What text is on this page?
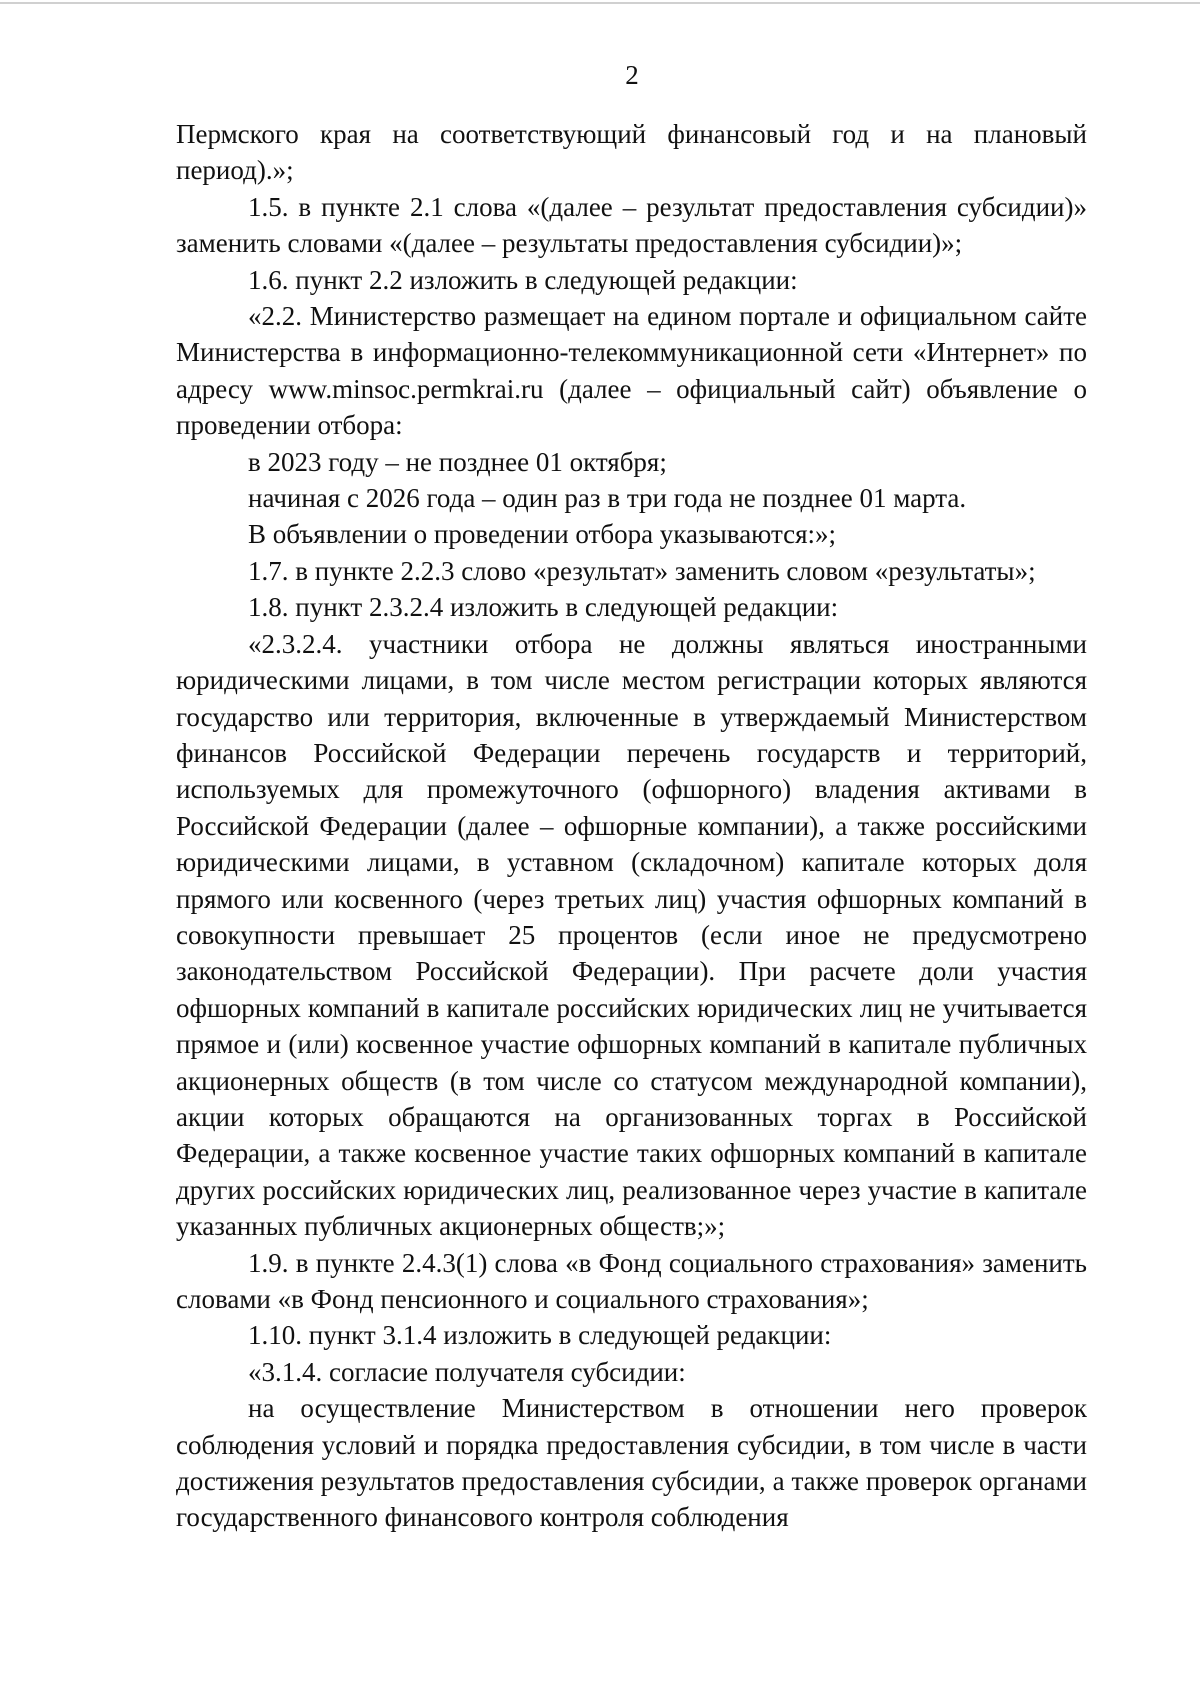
2

Пермского края на соответствующий финансовый год и на плановый период).»;

1.5. в пункте 2.1 слова «(далее – результат предоставления субсидии)» заменить словами «(далее – результаты предоставления субсидии)»;

1.6. пункт 2.2 изложить в следующей редакции:

«2.2. Министерство размещает на едином портале и официальном сайте Министерства в информационно-телекоммуникационной сети «Интернет» по адресу www.minsoc.permkrai.ru (далее – официальный сайт) объявление о проведении отбора:

в 2023 году – не позднее 01 октября;

начиная с 2026 года – один раз в три года не позднее 01 марта.

В объявлении о проведении отбора указываются:»;

1.7. в пункте 2.2.3 слово «результат» заменить словом «результаты»;

1.8. пункт 2.3.2.4 изложить в следующей редакции:

«2.3.2.4. участники отбора не должны являться иностранными юридическими лицами, в том числе местом регистрации которых являются государство или территория, включенные в утверждаемый Министерством финансов Российской Федерации перечень государств и территорий, используемых для промежуточного (офшорного) владения активами в Российской Федерации (далее – офшорные компании), а также российскими юридическими лицами, в уставном (складочном) капитале которых доля прямого или косвенного (через третьих лиц) участия офшорных компаний в совокупности превышает 25 процентов (если иное не предусмотрено законодательством Российской Федерации). При расчете доли участия офшорных компаний в капитале российских юридических лиц не учитывается прямое и (или) косвенное участие офшорных компаний в капитале публичных акционерных обществ (в том числе со статусом международной компании), акции которых обращаются на организованных торгах в Российской Федерации, а также косвенное участие таких офшорных компаний в капитале других российских юридических лиц, реализованное через участие в капитале указанных публичных акционерных обществ;»;

1.9. в пункте 2.4.3(1) слова «в Фонд социального страхования» заменить словами «в Фонд пенсионного и социального страхования»;

1.10. пункт 3.1.4 изложить в следующей редакции:

«3.1.4. согласие получателя субсидии:

на осуществление Министерством в отношении него проверок соблюдения условий и порядка предоставления субсидии, в том числе в части достижения результатов предоставления субсидии, а также проверок органами государственного финансового контроля соблюдения
